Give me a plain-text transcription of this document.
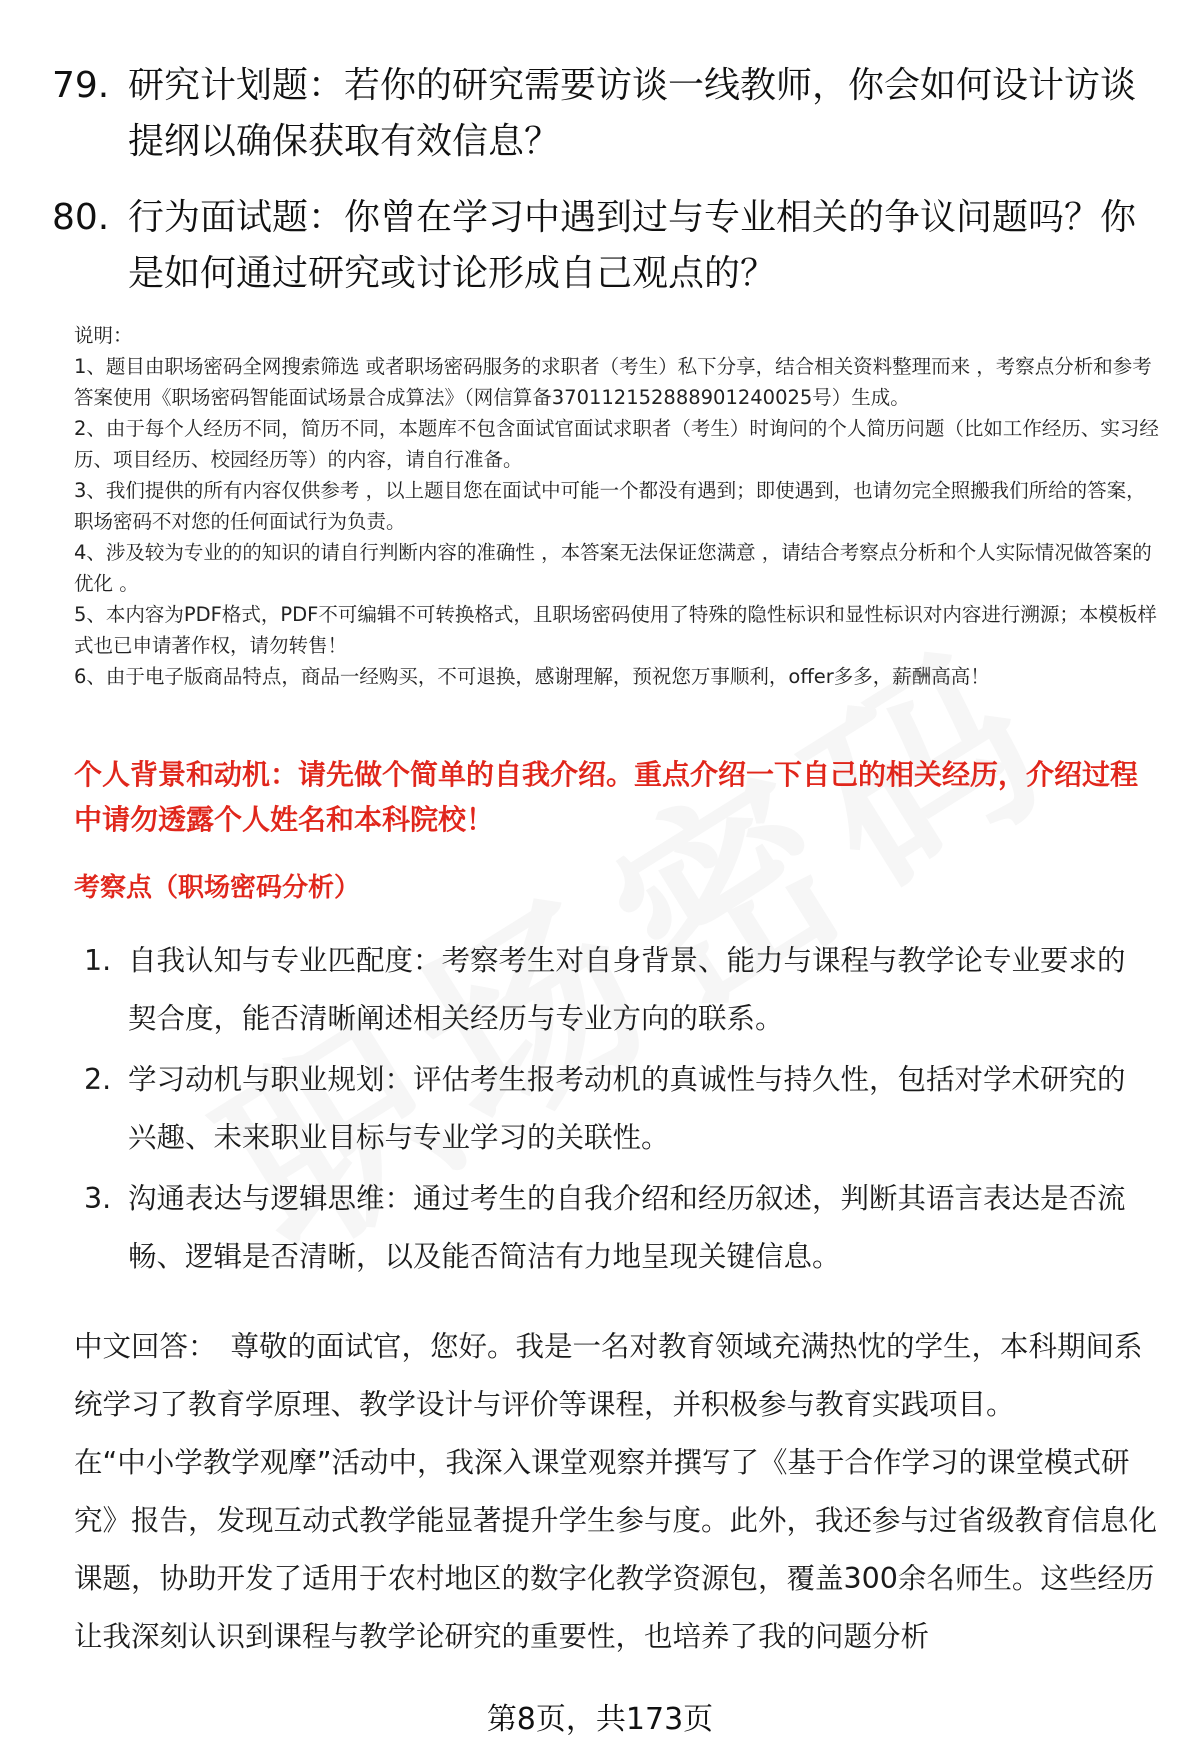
79. 研究计划题：若你的研究需要访谈一线教师，你会如何设计访谈提纲以确保获取有效信息？
80. 行为面试题：你曾在学习中遇到过与专业相关的争议问题吗？你是如何通过研究或讨论形成自己观点的？
说明：
1、题目由职场密码全网搜索筛选 或者职场密码服务的求职者（考生）私下分享，结合相关资料整理而来 ，考察点分析和参考答案使用《职场密码智能面试场景合成算法》（网信算备370112152888901240025号）生成。
2、由于每个人经历不同，简历不同，本题库不包含面试官面试求职者（考生）时询问的个人简历问题（比如工作经历、实习经历、项目经历、校园经历等）的内容，请自行准备。
3、我们提供的所有内容仅供参考 ，以上题目您在面试中可能一个都没有遇到；即使遇到，也请勿完全照搬我们所给的答案，职场密码不对您的任何面试行为负责。
4、涉及较为专业的的知识的请自行判断内容的准确性 ，本答案无法保证您满意 ，请结合考察点分析和个人实际情况做答案的优化 。
5、本内容为PDF格式，PDF不可编辑不可转换格式，且职场密码使用了特殊的隐性标识和显性标识对内容进行溯源；本模板样式也已申请著作权，请勿转售！
6、由于电子版商品特点，商品一经购买，不可退换，感谢理解，预祝您万事顺利，offer多多，薪酬高高！
个人背景和动机：请先做个简单的自我介绍。重点介绍一下自己的相关经历，介绍过程中请勿透露个人姓名和本科院校！
考察点（职场密码分析）
1. 自我认知与专业匹配度：考察考生对自身背景、能力与课程与教学论专业要求的契合度，能否清晰阐述相关经历与专业方向的联系。
2. 学习动机与职业规划：评估考生报考动机的真诚性与持久性，包括对学术研究的兴趣、未来职业目标与专业学习的关联性。
3. 沟通表达与逻辑思维：通过考生的自我介绍和经历叙述，判断其语言表达是否流畅、逻辑是否清晰，以及能否简洁有力地呈现关键信息。

中文回答： 尊敬的面试官，您好。我是一名对教育领域充满热忱的学生，本科期间系统学习了教育学原理、教学设计与评价等课程，并积极参与教育实践项目。

在“中小学教学观摩”活动中，我深入课堂观察并撰写了《基于合作学习的课堂模式研究》报告，发现互动式教学能显著提升学生参与度。此外，我还参与过省级教育信息化课题，协助开发了适用于农村地区的数字化教学资源包，覆盖300余名师生。这些经历让我深刻认识到课程与教学论研究的重要性，也培养了我的问题分析

第8页，共173页
